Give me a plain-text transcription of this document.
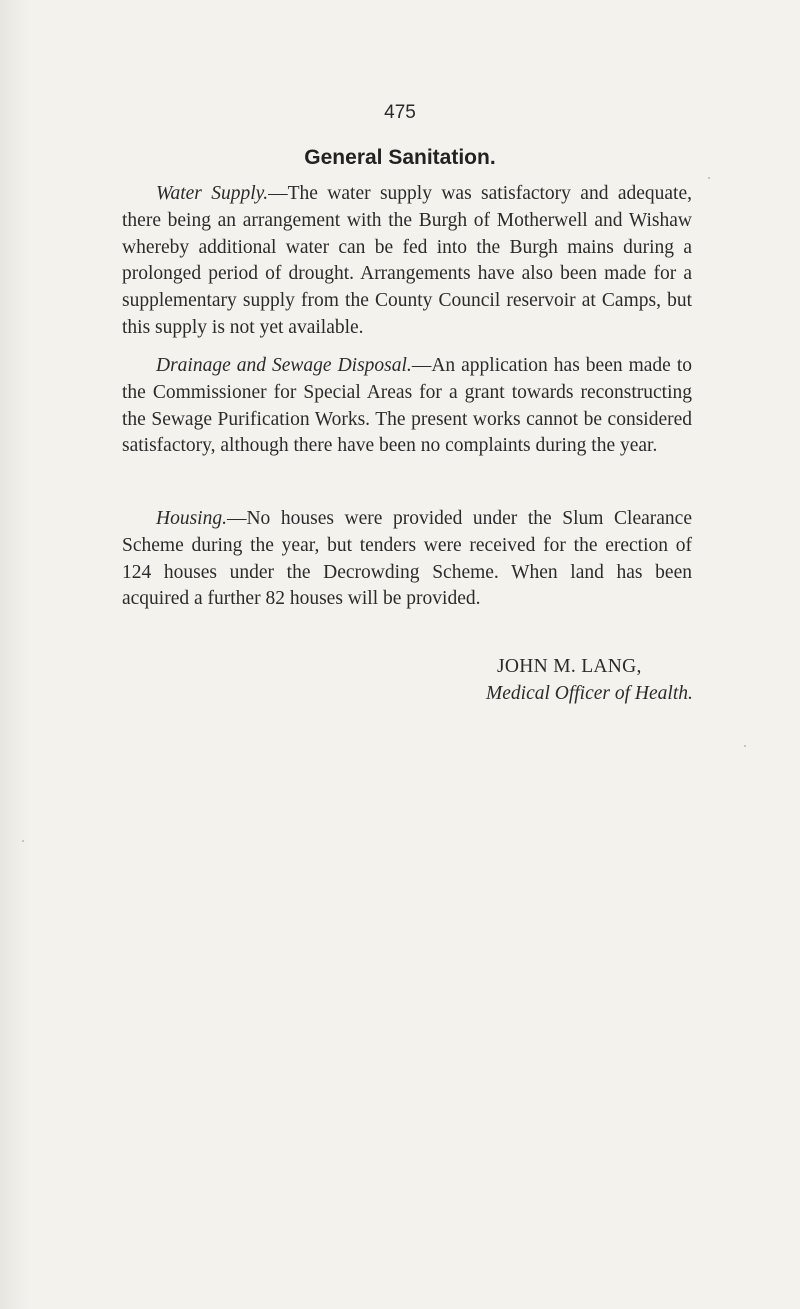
475
General Sanitation.

Water Supply.—The water supply was satisfactory and adequate, there being an arrangement with the Burgh of Motherwell and Wishaw whereby additional water can be fed into the Burgh mains during a prolonged period of drought. Arrangements have also been made for a supplementary supply from the County Council reservoir at Camps, but this supply is not yet available.

Drainage and Sewage Disposal.—An application has been made to the Commissioner for Special Areas for a grant towards reconstructing the Sewage Purification Works. The present works cannot be considered satisfactory, although there have been no complaints during the year.

Housing.—No houses were provided under the Slum Clearance Scheme during the year, but tenders were received for the erection of 124 houses under the Decrowding Scheme. When land has been acquired a further 82 houses will be provided.

JOHN M. LANG,
Medical Officer of Health.
